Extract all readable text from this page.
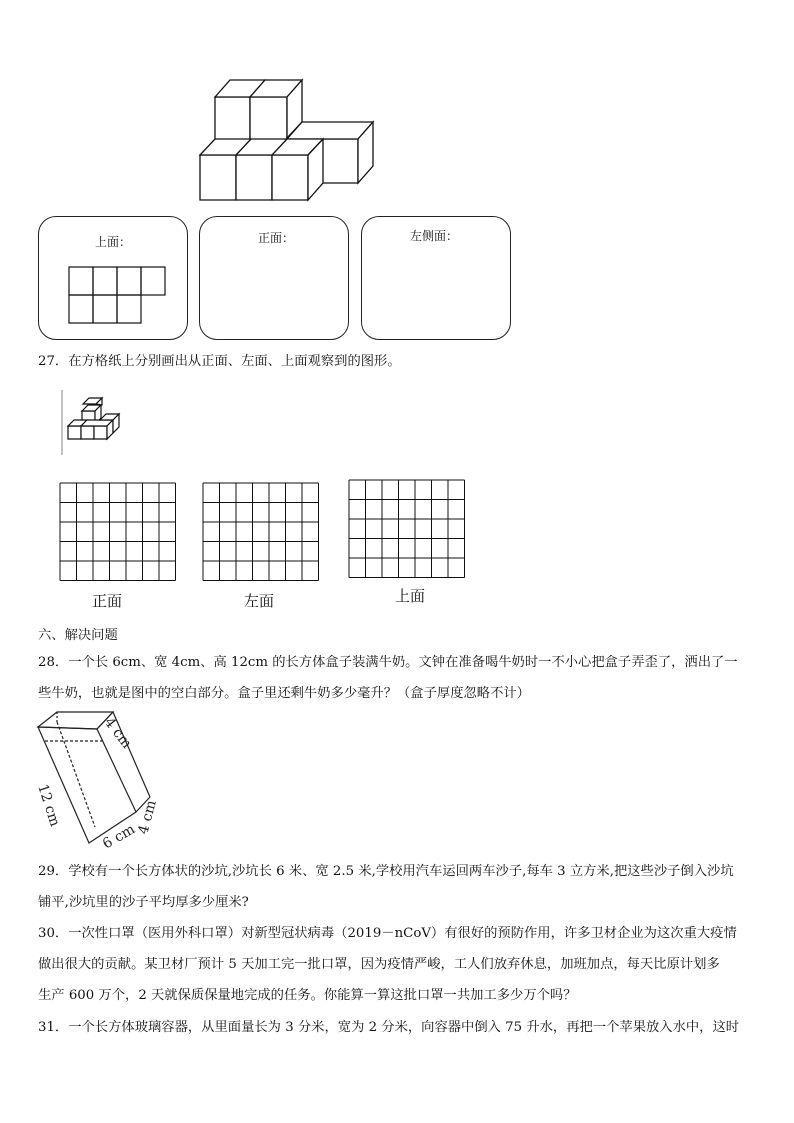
上面：	正面：	左侧面：
27．在方格纸上分别画出从正面、左面、上面观察到的图形。
正面	左面	上面
六、解决问题
28．一个长 6cm、宽 4cm、高 12cm 的长方体盒子装满牛奶。文钟在准备喝牛奶时一不小心把盒子弄歪了，洒出了一
些牛奶，也就是图中的空白部分。盒子里还剩牛奶多少毫升？（盒子厚度忽略不计）
4 cm
12 cm
6 cm
4 cm
29．学校有一个长方体状的沙坑,沙坑长 6 米、宽 2.5 米,学校用汽车运回两车沙子,每车 3 立方米,把这些沙子倒入沙坑
铺平,沙坑里的沙子平均厚多少厘米?
30．一次性口罩（医用外科口罩）对新型冠状病毒（2019－nCoV）有很好的预防作用，许多卫材企业为这次重大疫情
做出很大的贡献。某卫材厂预计 5 天加工完一批口罩，因为疫情严峻，工人们放弃休息，加班加点，每天比原计划多
生产 600 万个，2 天就保质保量地完成的任务。你能算一算这批口罩一共加工多少万个吗？
31．一个长方体玻璃容器，从里面量长为 3 分米，宽为 2 分米，向容器中倒入 75 升水，再把一个苹果放入水中，这时
